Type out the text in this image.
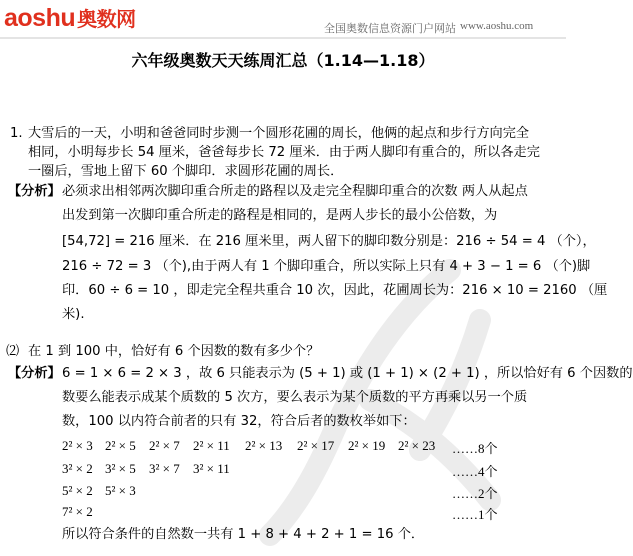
aoshu 奥数网	全国奥数信息资源门户网站 www.aoshu.com
六年级奥数天天练周汇总（1.14—1.18）
1. 大雪后的一天，小明和爸爸同时步测一个圆形花圃的周长，他俩的起点和步行方向完全
相同，小明每步长 54 厘米，爸爸每步长 72 厘米．由于两人脚印有重合的，所以各走完
一圈后，雪地上留下 60 个脚印．求圆形花圃的周长．
【分析】 必须求出相邻两次脚印重合所走的路程以及走完全程脚印重合的次数 两人从起点
出发到第一次脚印重合所走的路程是相同的，是两人步长的最小公倍数，为
[54,72] = 216 厘米．在 216 厘米里，两人留下的脚印数分别是：216 ÷ 54 = 4 （个），
216 ÷ 72 = 3 （个),由于两人有 1 个脚印重合，所以实际上只有 4 + 3 − 1 = 6 （个)脚
印．60 ÷ 6 = 10 ，即走完全程共重合 10 次，因此，花圃周长为：216 × 10 = 2160 （厘
米).
⑵ 在 1 到 100 中，恰好有 6 个因数的数有多少个？
【分析】 6 = 1 × 6 = 2 × 3 ，故 6 只能表示为 (5 + 1) 或 (1 + 1) × (2 + 1) ，所以恰好有 6 个因数的
数要么能表示成某个质数的 5 次方，要么表示为某个质数的平方再乘以另一个质
数，100 以内符合前者的只有 32，符合后者的数枚举如下：
2² × 3 2² × 5 2² × 7 2² × 11 2² × 13 2² × 17 2² × 19 2² × 23 ……8个
3² × 2 3² × 5 3² × 7 3² × 11	……4个
5² × 2 5² × 3	……2个
7² × 2	……1个
所以符合条件的自然数一共有 1 + 8 + 4 + 2 + 1 = 16 个．
